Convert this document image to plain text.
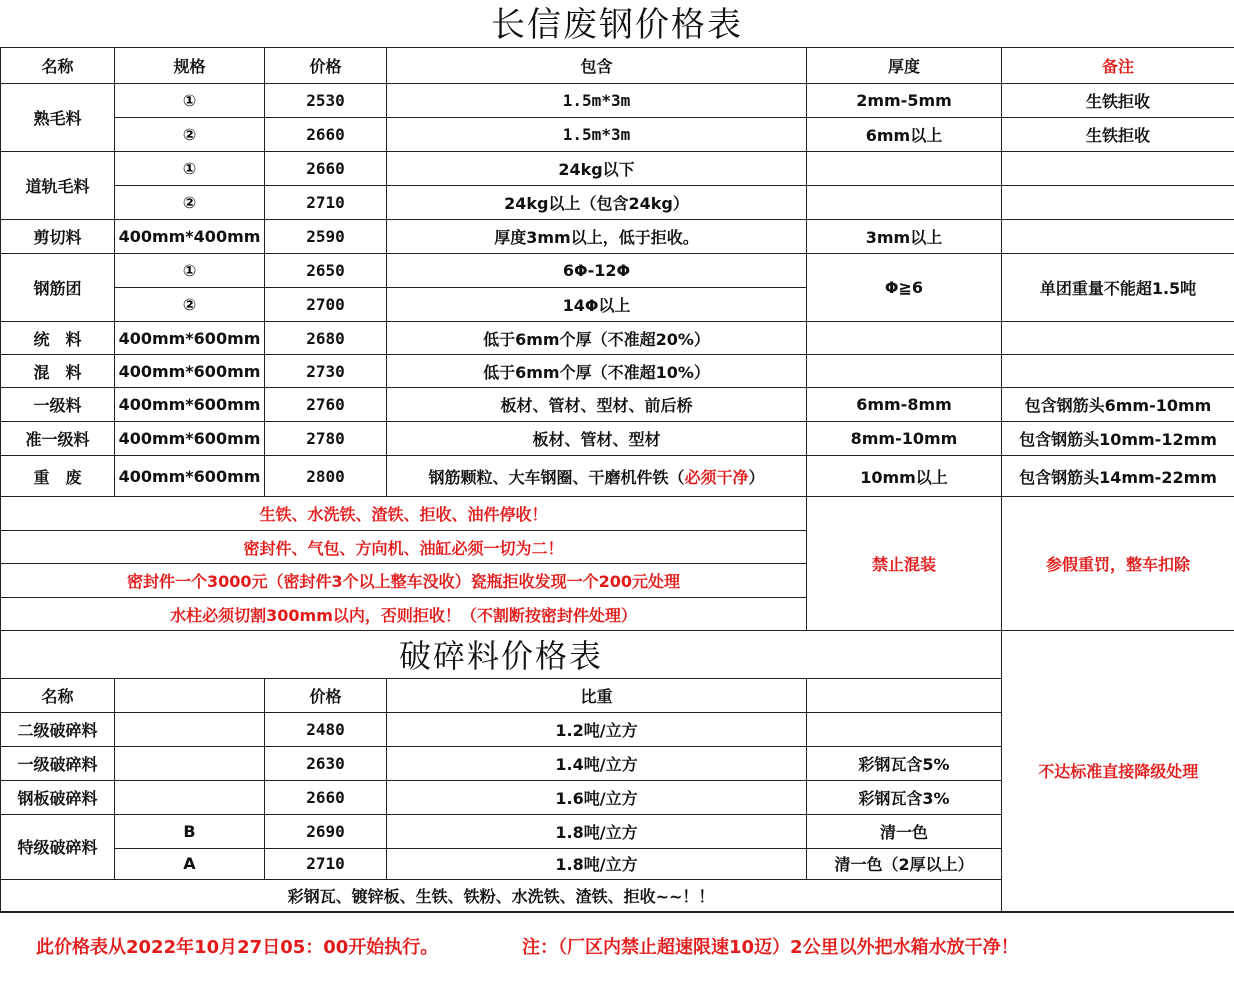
长信废钢价格表
名称	规格	价格	包含	厚度	备注
熟毛料	①	2530	1.5m*3m	2mm-5mm	生铁拒收
	②	2660	1.5m*3m	6mm以上	生铁拒收
道轨毛料	①	2660	24kg以下		
	②	2710	24kg以上（包含24kg）		
剪切料	400mm*400mm	2590	厚度3mm以上，低于拒收。	3mm以上	
钢筋团	①	2650	6Φ-12Φ	Φ≧6	单团重量不能超1.5吨
	②	2700	14Φ以上		
统　料	400mm*600mm	2680	低于6mm个厚（不准超20%）		
混　料	400mm*600mm	2730	低于6mm个厚（不准超10%）		
一级料	400mm*600mm	2760	板材、管材、型材、前后桥	6mm-8mm	包含钢筋头6mm-10mm
准一级料	400mm*600mm	2780	板材、管材、型材	8mm-10mm	包含钢筋头10mm-12mm
重　废	400mm*600mm	2800	钢筋颗粒、大车钢圈、干磨机件铁（必须干净）	10mm以上	包含钢筋头14mm-22mm
生铁、水洗铁、渣铁、拒收、油件停收！				禁止混装	参假重罚，整车扣除
密封件、气包、方向机、油缸必须一切为二！					
密封件一个3000元（密封件3个以上整车没收）瓷瓶拒收发现一个200元处理					
水柱必须切割300mm以内，否则拒收！（不割断按密封件处理）					
破碎料价格表					不达标准直接降级处理
名称		价格	比重		
二级破碎料		2480	1.2吨/立方		
一级破碎料		2630	1.4吨/立方	彩钢瓦含5%	
钢板破碎料		2660	1.6吨/立方	彩钢瓦含3%	
特级破碎料	B	2690	1.8吨/立方	清一色	
	A	2710	1.8吨/立方	清一色（2厚以上）	
彩钢瓦、镀锌板、生铁、铁粉、水洗铁、渣铁、拒收~~！！					
此价格表从2022年10月27日05：00开始执行。	注：（厂区内禁止超速限速10迈）2公里以外把水箱水放干净！
